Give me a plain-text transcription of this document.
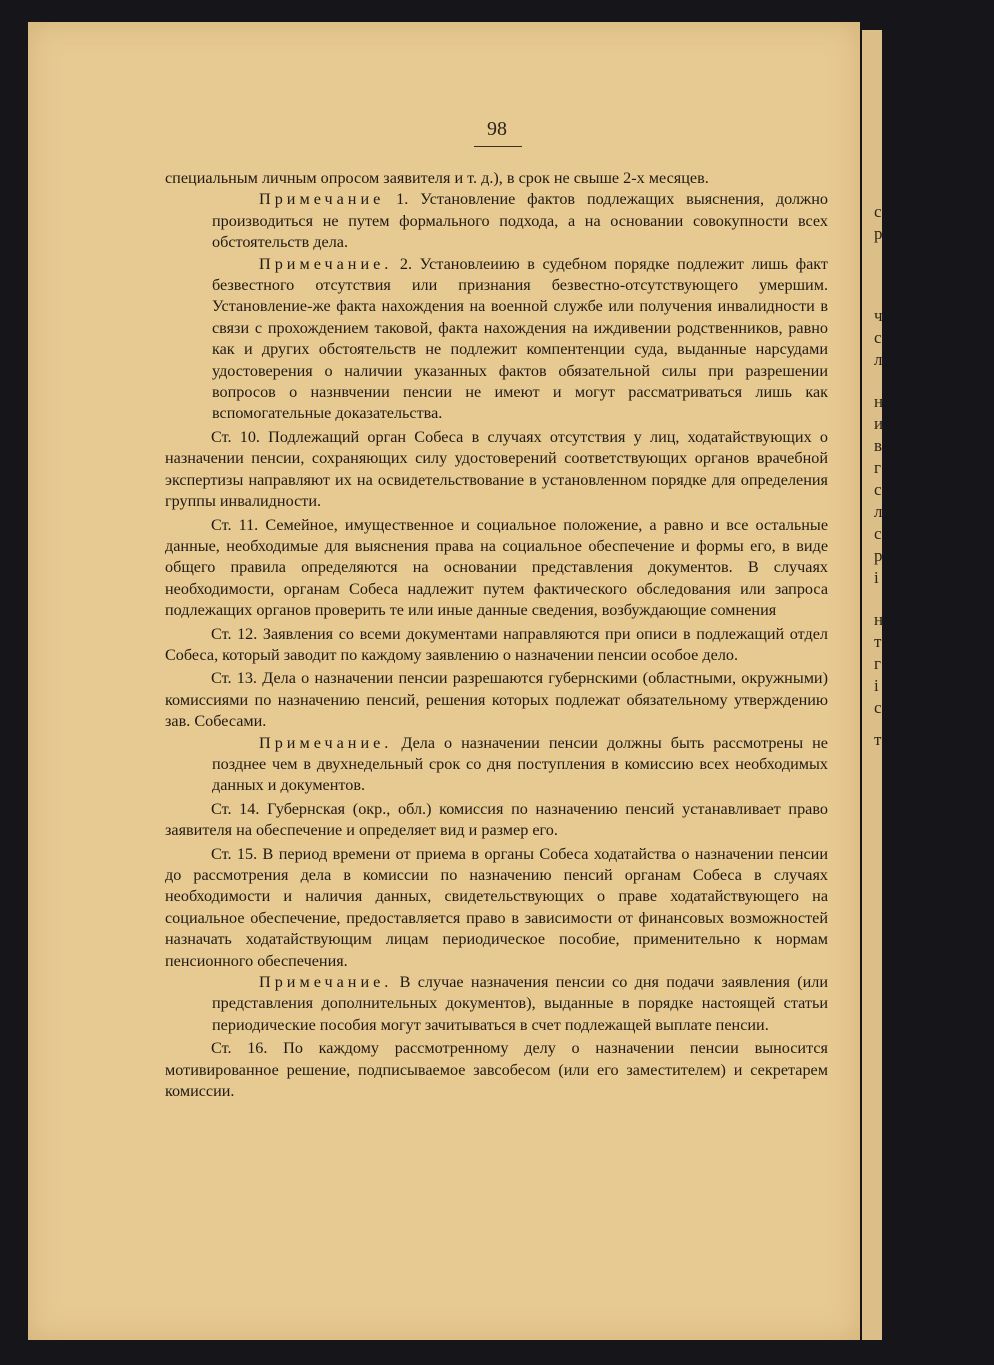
с
р
ч
с
л
н
и
в
г
с
л
с
р
і
н
т
г
і
с
т
98

специальным личным опросом заявителя и т. д.), в срок не свыше 2-х месяцев.

Примечание 1. Установление фактов подлежащих выяснения, должно производиться не путем формального подхода, а на основании совокупности всех обстоятельств дела.

Примечание. 2. Установлеиию в судебном порядке подлежит лишь факт безвестного отсутствия или признания безвестно-отсутствующего умершим. Установление-же факта нахождения на военной службе или получения инвалидности в связи с прохождением таковой, факта нахождения на иждивении родственников, равно как и других обстоятельств не подлежит компентенции суда, выданные нарсудами удостоверения о наличии указанных фактов обязательной силы при разрешении вопросов о назнвчении пенсии не имеют и могут рассматриваться лишь как вспомогательные доказательства.

Ст. 10. Подлежащий орган Собеса в случаях отсутствия у лиц, ходатайствующих о назначении пенсии, сохраняющих силу удостоверений соответствующих органов врачебной экспертизы направляют их на освидетельствование в установленном порядке для определения группы инвалидности.

Ст. 11. Семейное, имущественное и социальное положение, а равно и все остальные данные, необходимые для выяснения права на социальное обеспечение и формы его, в виде общего правила определяются на основании представления документов. В случаях необходимости, органам Собеса надлежит путем фактического обследования или запроса подлежащих органов проверить те или иные данные сведения, возбуждающие сомнения

Ст. 12. Заявления со всеми документами направляются при описи в подлежащий отдел Собеса, который заводит по каждому заявлению о назначении пенсии особое дело.

Ст. 13. Дела о назначении пенсии разрешаются губернскими (областными, окружными) комиссиями по назначению пенсий, решения которых подлежат обязательному утверждению зав. Собесами.

Примечание. Дела о назначении пенсии должны быть рассмотрены не позднее чем в двухнедельный срок со дня поступления в комиссию всех необходимых данных и документов.

Ст. 14. Губернская (окр., обл.) комиссия по назначению пенсий устанавливает право заявителя на обеспечение и определяет вид и размер его.

Ст. 15. В период времени от приема в органы Собеса ходатайства о назначении пенсии до рассмотрения дела в комиссии по назначению пенсий органам Собеса в случаях необходимости и наличия данных, свидетельствующих о праве ходатайствующего на социальное обеспечение, предоставляется право в зависимости от финансовых возможностей назначать ходатайствующим лицам периодическое пособие, применительно к нормам пенсионного обеспечения.

Примечание. В случае назначения пенсии со дня подачи заявления (или представления дополнительных документов), выданные в порядке настоящей статьи периодические пособия могут зачитываться в счет подлежащей выплате пенсии.

Ст. 16. По каждому рассмотренному делу о назначении пенсии выносится мотивированное решение, подписываемое завсобесом (или его заместителем) и секретарем комиссии.
